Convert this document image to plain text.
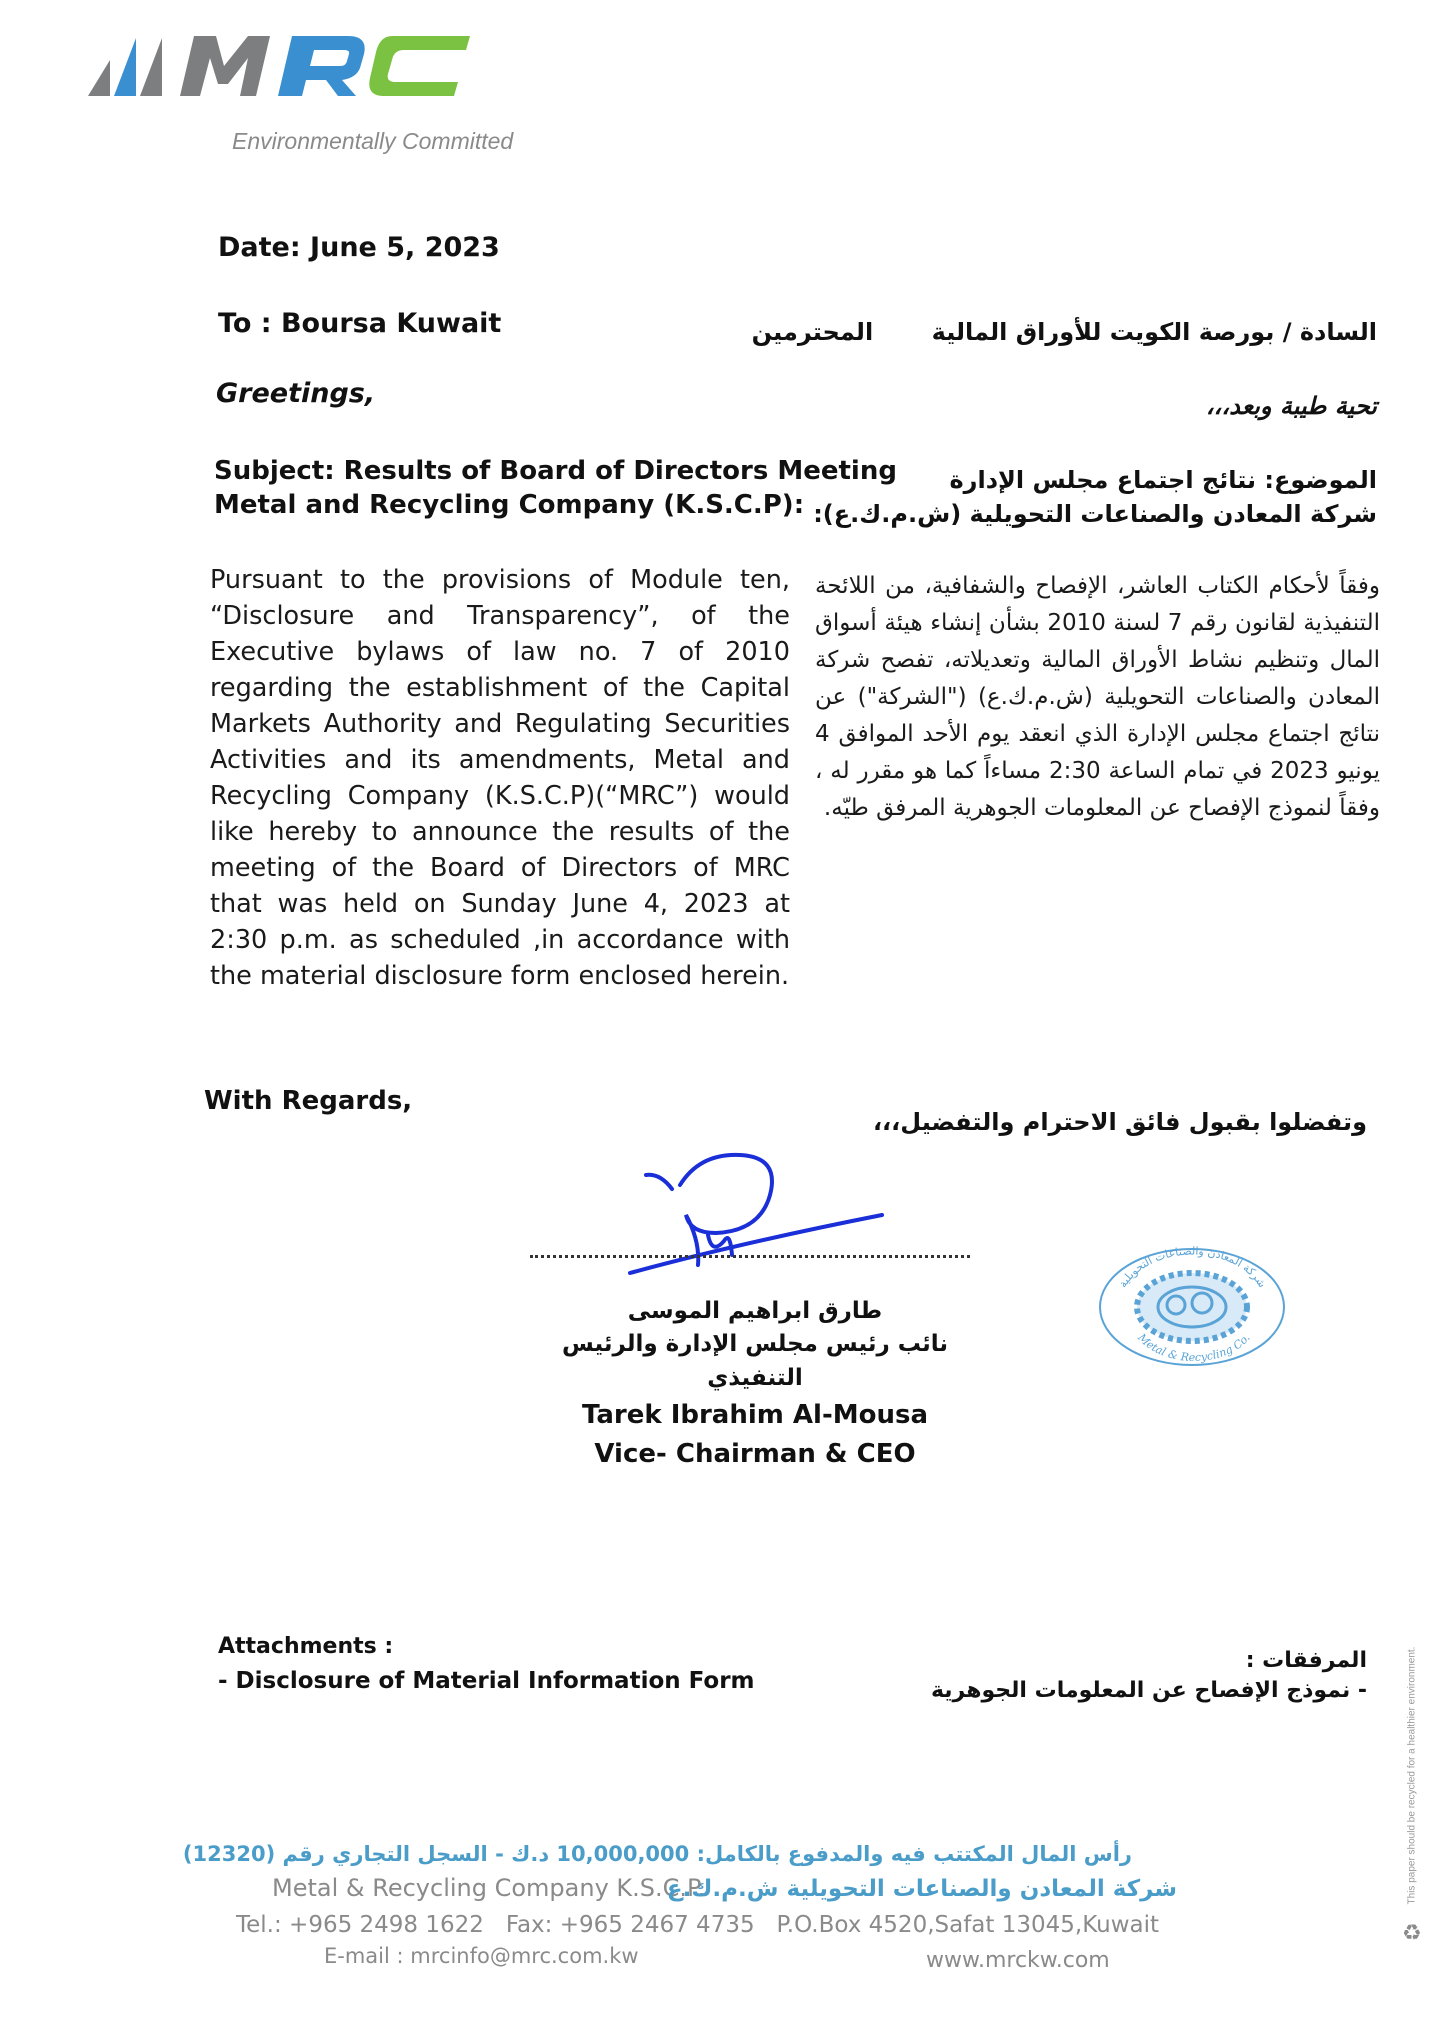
Environmentally Committed
Date: June 5, 2023
To : Boursa Kuwait	السادة / بورصة الكويت للأوراق المالية       المحترمين
Greetings,	تحية طيبة وبعد،،،
Subject: Results of Board of Directors Meeting
Metal and Recycling Company (K.S.C.P):
الموضوع: نتائج اجتماع مجلس الإدارة
شركة المعادن والصناعات التحويلية (ش.م.ك.ع):
Pursuant to the provisions of Module ten, “Disclosure and Transparency”, of the Executive bylaws of law no. 7 of 2010 regarding the establishment of the Capital Markets Authority and Regulating Securities Activities and its amendments, Metal and Recycling Company (K.S.C.P)(“MRC”) would like hereby to announce the results of the meeting of the Board of Directors of MRC that was held on Sunday June 4, 2023 at 2:30 p.m. as scheduled ,in accordance with the material disclosure form enclosed herein.
وفقاً لأحكام الكتاب العاشر، الإفصاح والشفافية، من اللائحة التنفيذية لقانون رقم 7 لسنة 2010 بشأن إنشاء هيئة أسواق المال وتنظيم نشاط الأوراق المالية وتعديلاته، تفصح شركة المعادن والصناعات التحويلية (ش.م.ك.ع) ("الشركة") عن نتائج اجتماع مجلس الإدارة الذي انعقد يوم الأحد الموافق 4 يونيو 2023 في تمام الساعة 2:30 مساءاً كما هو مقرر له ، وفقاً لنموذج الإفصاح عن المعلومات الجوهرية المرفق طيّه.
With Regards,
وتفضلوا بقبول فائق الاحترام والتفضيل،،،
طارق ابراهيم الموسى
نائب رئيس مجلس الإدارة والرئيس التنفيذي
Tarek Ibrahim Al-Mousa
Vice- Chairman & CEO
شركة المعادن والصناعات التحويلية
Metal & Recycling Co.
Attachments :
- Disclosure of Material Information Form
المرفقات :
- نموذج الإفصاح عن المعلومات الجوهرية
رأس المال المكتتب فيه والمدفوع بالكامل: 10,000,000 د.ك - السجل التجاري رقم (12320)
Metal & Recycling Company K.S.C.P.
شركة المعادن والصناعات التحويلية ش.م.ك.ع
Tel.: +965 2498 1622   Fax: +965 2467 4735   P.O.Box 4520,Safat 13045,Kuwait
E-mail : mrcinfo@mrc.com.kw	www.mrckw.com
This paper should be recycled for a healthier environment.
♻
